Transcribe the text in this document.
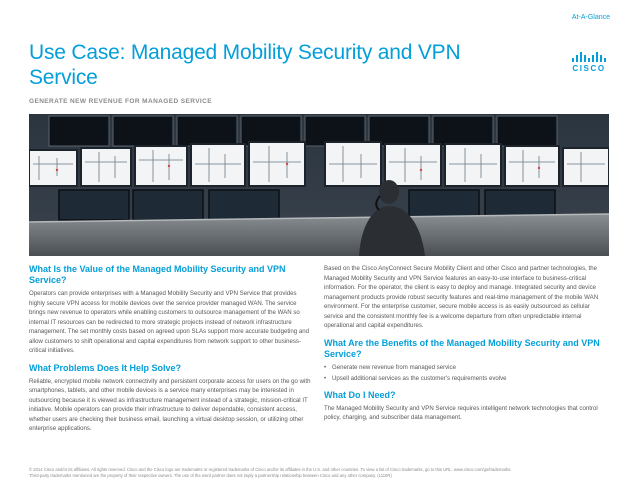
At-A-Glance
Use Case: Managed Mobility Security and VPN Service	CISCO
GENERATE NEW REVENUE FOR MANAGED SERVICE
What Is the Value of the Managed Mobility Security and VPN Service?

Operators can provide enterprises with a Managed Mobility Security and VPN Service that provides highly secure VPN access for mobile devices over the service provider managed WAN. The service brings new revenue to operators while enabling customers to outsource management of the WAN so internal IT resources can be redirected to more strategic projects instead of network infrastructure management. The set monthly costs based on agreed upon SLAs support more accurate budgeting and allow customers to shift operational and capital expenditures from network support to other business-critical initiatives.

What Problems Does It Help Solve?

Reliable, encrypted mobile network connectivity and persistent corporate access for users on the go with smartphones, tablets, and other mobile devices is a service many enterprises may be interested in outsourcing because it is viewed as infrastructure management instead of a strategic, mission-critical IT initiative. Mobile operators can provide their infrastructure to deliver dependable, consistent access, whether users are checking their business email, launching a virtual desktop session, or utilizing other enterprise applications.

Based on the Cisco AnyConnect Secure Mobility Client and other Cisco and partner technologies, the Managed Mobility Security and VPN Service features an easy-to-use interface to business-critical information. For the operator, the client is easy to deploy and manage. Integrated security and device management products provide robust security features and real-time management of the mobile WAN environment. For the enterprise customer, secure mobile access is as easily outsourced as cellular service and the consistent monthly fee is a welcome departure from often unpredictable internal operational and capital expenditures.

What Are the Benefits of the Managed Mobility Security and VPN Service?
• Generate new revenue from managed service
• Upsell additional services as the customer's requirements evolve
What Do I Need?

The Managed Mobility Security and VPN Service requires intelligent network technologies that control policy, charging, and subscriber data management.

© 2014 Cisco and/or its affiliates. All rights reserved. Cisco and the Cisco logo are trademarks or registered trademarks of Cisco and/or its affiliates in the U.S. and other countries. To view a list of Cisco trademarks, go to this URL: www.cisco.com/go/trademarks.
Third-party trademarks mentioned are the property of their respective owners. The use of the word partner does not imply a partnership relationship between Cisco and any other company. (1110R)
